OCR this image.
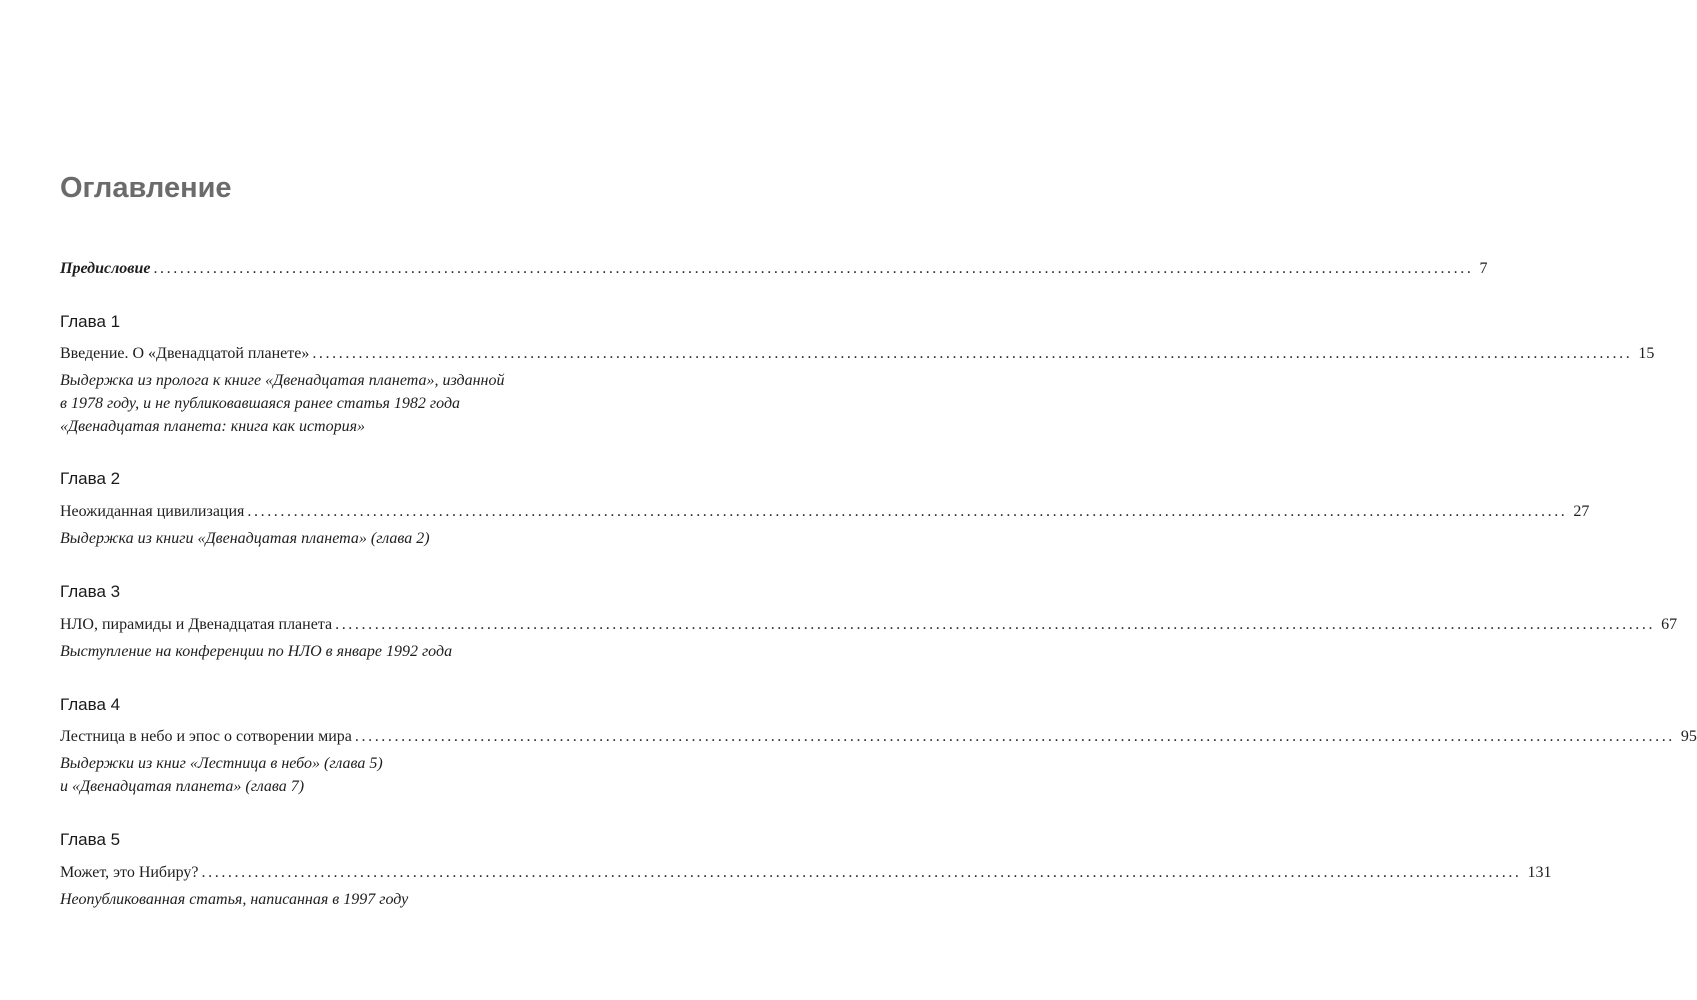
Оглавление
Предисловие ........................................................................................................................................................................................................ 7
Глава 1
Введение. О «Двенадцатой планете» ........................................................................................................................................................................................................ 15
Выдержка из пролога к книге «Двенадцатая планета», изданной
в 1978 году, и не публиковавшаяся ранее статья 1982 года
«Двенадцатая планета: книга как история»
Глава 2
Неожиданная цивилизация ........................................................................................................................................................................................................ 27
Выдержка из книги «Двенадцатая планета» (глава 2)
Глава 3
НЛО, пирамиды и Двенадцатая планета ........................................................................................................................................................................................................ 67
Выступление на конференции по НЛО в январе 1992 года
Глава 4
Лестница в небо и эпос о сотворении мира ........................................................................................................................................................................................................ 95
Выдержки из книг «Лестница в небо» (глава 5)
и «Двенадцатая планета» (глава 7)
Глава 5
Может, это Нибиру? ........................................................................................................................................................................................................ 131
Неопубликованная статья, написанная в 1997 году
